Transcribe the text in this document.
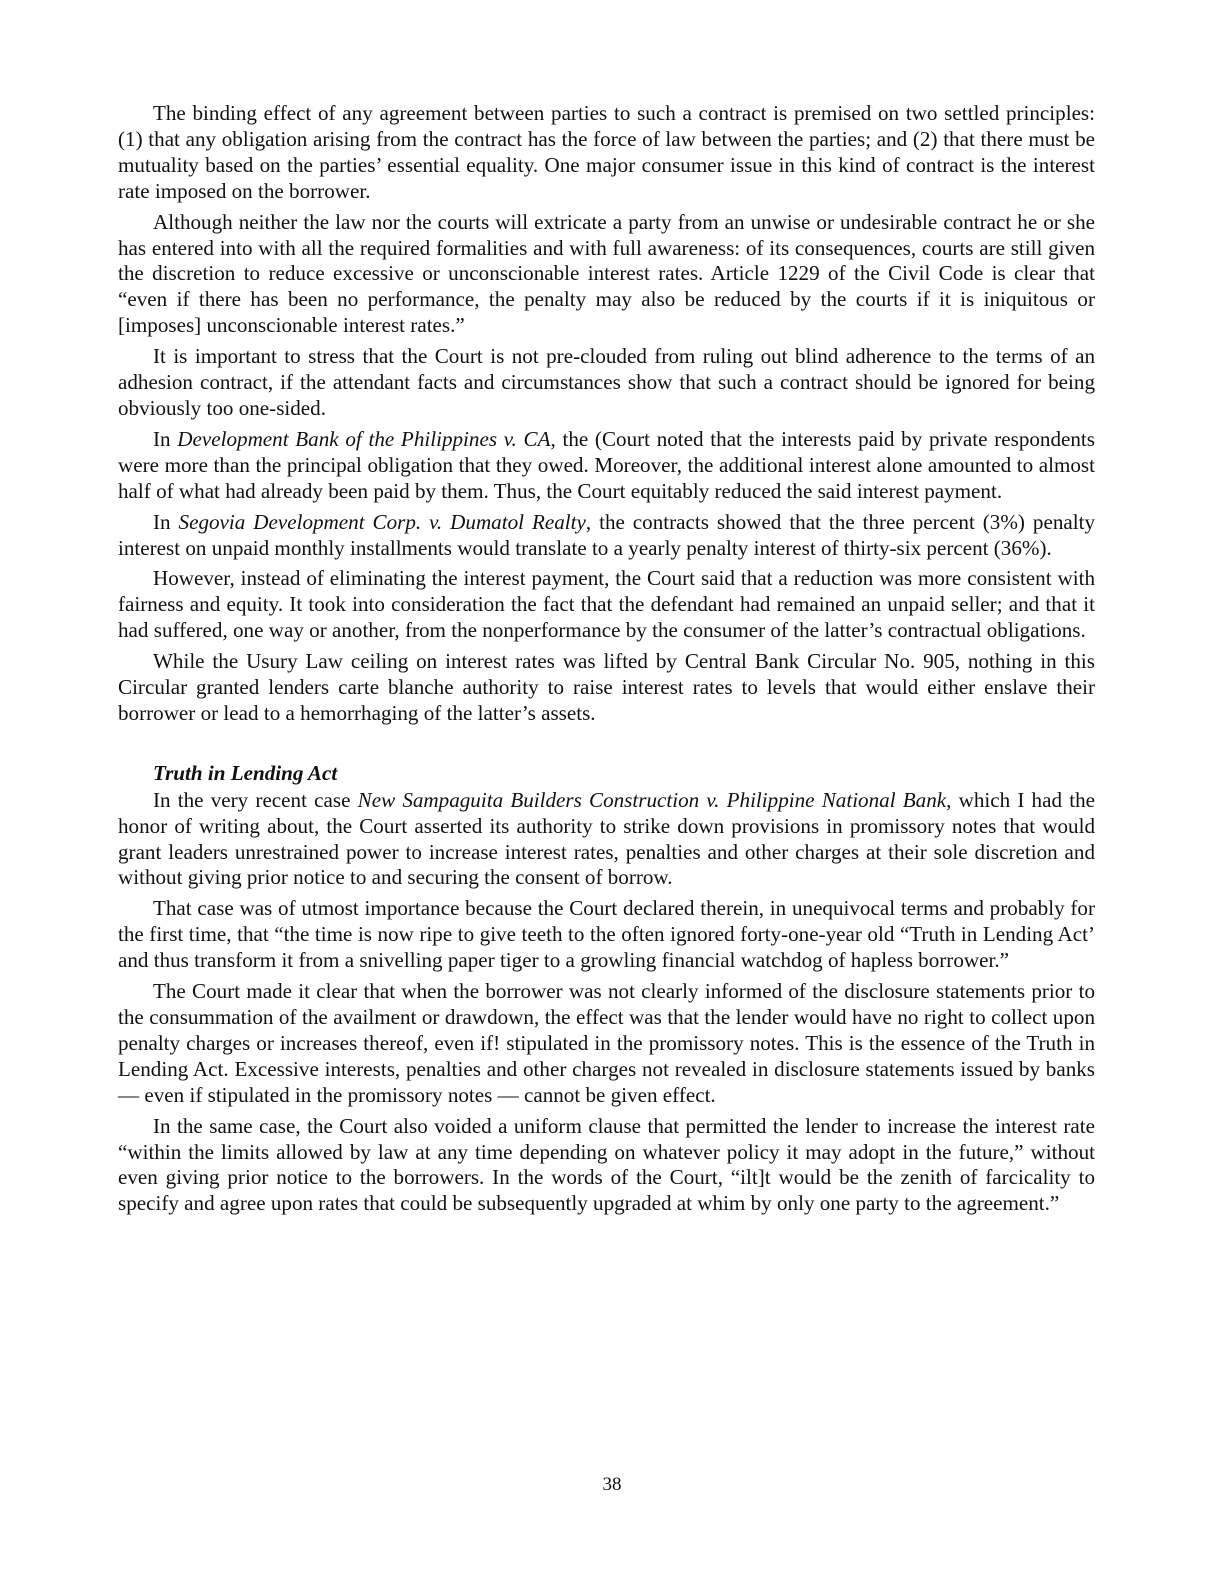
The binding effect of any agreement between parties to such a contract is premised on two settled principles: (1) that any obligation arising from the contract has the force of law between the parties; and (2) that there must be mutuality based on the parties’ essential equality. One major consumer issue in this kind of contract is the interest rate imposed on the borrower.

Although neither the law nor the courts will extricate a party from an unwise or undesirable contract he or she has entered into with all the required formalities and with full awareness: of its consequences, courts are still given the discretion to reduce excessive or unconscionable interest rates. Article 1229 of the Civil Code is clear that “even if there has been no performance, the penalty may also be reduced by the courts if it is iniquitous or [imposes] unconscionable interest rates.”

It is important to stress that the Court is not pre-clouded from ruling out blind adherence to the terms of an adhesion contract, if the attendant facts and circumstances show that such a contract should be ignored for being obviously too one-sided.

In Development Bank of the Philippines v. CA, the (Court noted that the interests paid by private respondents were more than the principal obligation that they owed. Moreover, the additional interest alone amounted to almost half of what had already been paid by them. Thus, the Court equitably reduced the said interest payment.

In Segovia Development Corp. v. Dumatol Realty, the contracts showed that the three percent (3%) penalty interest on unpaid monthly installments would translate to a yearly penalty interest of thirty-six percent (36%).

However, instead of eliminating the interest payment, the Court said that a reduction was more consistent with fairness and equity. It took into consideration the fact that the defendant had remained an unpaid seller; and that it had suffered, one way or another, from the nonperformance by the consumer of the latter’s contractual obligations.

While the Usury Law ceiling on interest rates was lifted by Central Bank Circular No. 905, nothing in this Circular granted lenders carte blanche authority to raise interest rates to levels that would either enslave their borrower or lead to a hemorrhaging of the latter’s assets.

Truth in Lending Act

In the very recent case New Sampaguita Builders Construction v. Philippine National Bank, which I had the honor of writing about, the Court asserted its authority to strike down provisions in promissory notes that would grant leaders unrestrained power to increase interest rates, penalties and other charges at their sole discretion and without giving prior notice to and securing the consent of borrow.

That case was of utmost importance because the Court declared therein, in unequivocal terms and probably for the first time, that “the time is now ripe to give teeth to the often ignored forty-one-year old “Truth in Lending Act’ and thus transform it from a snivelling paper tiger to a growling financial watchdog of hapless borrower.”

The Court made it clear that when the borrower was not clearly informed of the disclosure statements prior to the consummation of the availment or drawdown, the effect was that the lender would have no right to collect upon penalty charges or increases thereof, even if! stipulated in the promissory notes. This is the essence of the Truth in Lending Act. Excessive interests, penalties and other charges not revealed in disclosure statements issued by banks — even if stipulated in the promissory notes — cannot be given effect.

In the same case, the Court also voided a uniform clause that permitted the lender to increase the interest rate “within the limits allowed by law at any time depending on whatever policy it may adopt in the future,” without even giving prior notice to the borrowers. In the words of the Court, “ilt]t would be the zenith of farcicality to specify and agree upon rates that could be subsequently upgraded at whim by only one party to the agreement.”

38
